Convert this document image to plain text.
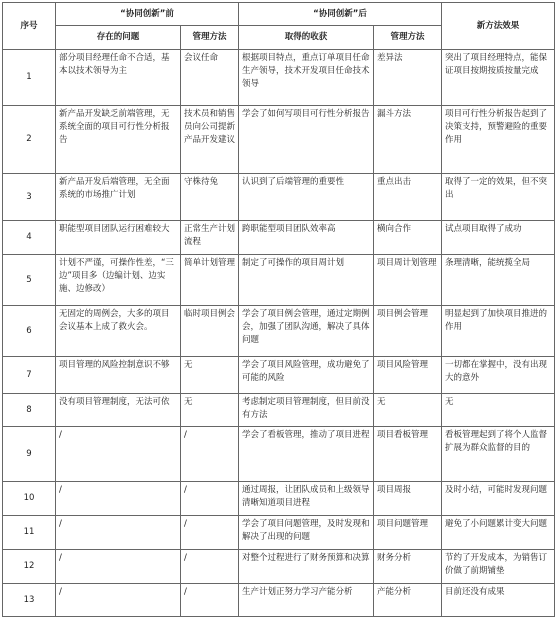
序号	“协同创新”前		“协同创新”后		新方法效果
	存在的问题	管理方法	取得的收获	管理方法	
1	部分项目经理任命不合适，基本以技术领导为主	会议任命	根据项目特点，重点订单项目任命生产领导，技术开发项目任命技术领导	差异法	突出了项目经理特点，能保证项目按期按质按量完成
2	新产品开发缺乏前端管理，无系统全面的项目可行性分析报告	技术员和销售员向公司提新产品开发建议	学会了如何写项目可行性分析报告	漏斗方法	项目可行性分析报告起到了决策支持，预警避险的重要作用
3	新产品开发后端管理，无全面系统的市场推广计划	守株待兔	认识到了后端管理的重要性	重点出击	取得了一定的效果，但不突出
4	职能型项目团队运行困难较大	正常生产计划流程	跨职能型项目团队效率高	横向合作	试点项目取得了成功
5	计划不严谨，可操作性差，“三边”项目多（边编计划、边实施、边修改）	简单计划管理	制定了可操作的项目周计划	项目周计划管理	条理清晰，能统揽全局
6	无固定的周例会，大多的项目会议基本上成了救火会。	临时项目例会	学会了项目例会管理，通过定期例会，加强了团队沟通，解决了具体问题	项目例会管理	明显起到了加快项目推进的作用
7	项目管理的风险控制意识不够	无	学会了项目风险管理，成功避免了可能的风险	项目风险管理	一切都在掌握中，没有出现大的意外
8	没有项目管理制度，无法可依	无	考虑制定项目管理制度，但目前没有方法	无	无
9	/	/	学会了看板管理，推动了项目进程	项目看板管理	看板管理起到了将个人监督扩展为群众监督的目的
10	/	/	通过周报，让团队成员和上级领导清晰知道项目进程	项目周报	及时小结，可能时发现问题
11	/	/	学会了项目问题管理，及时发现和解决了出现的问题	项目问题管理	避免了小问题累计变大问题
12	/	/	对整个过程进行了财务预算和决算	财务分析	节约了开发成本，为销售订价做了前期铺垫
13	/	/	生产计划正努力学习产能分析	产能分析	目前还没有成果
